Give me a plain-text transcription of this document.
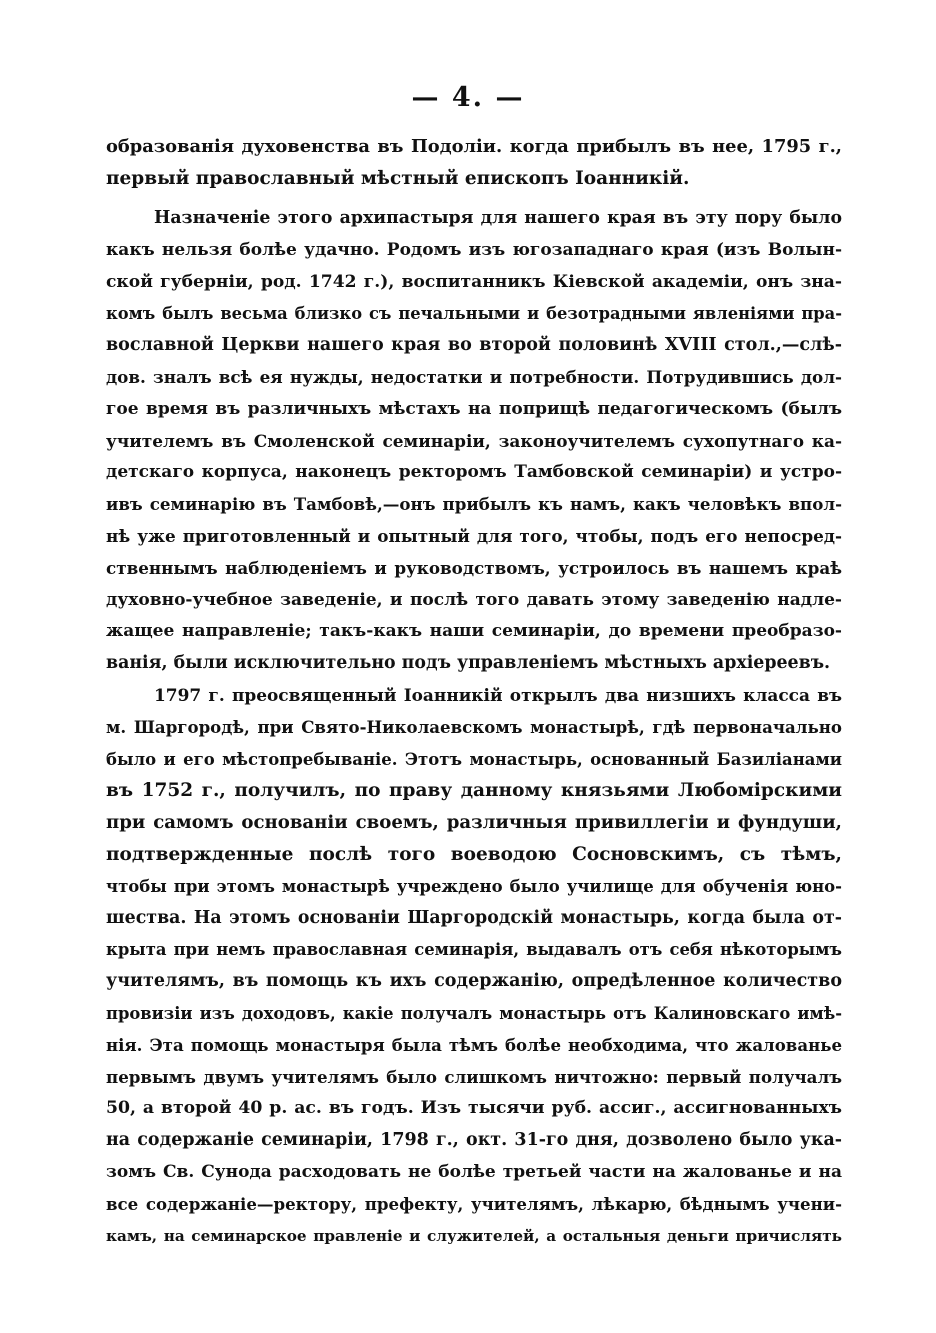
— 4. —
образованія духовенства въ Подоліи. когда прибылъ въ нее, 1795 г.,
первый православный мѣстный епископъ Іоанникій.
Назначеніе этого архипастыря для нашего края въ эту пору было
какъ нельзя болѣе удачно. Родомъ изъ югозападнаго края (изъ Волын-
ской губерніи, род. 1742 г.), воспитанникъ Кіевской академіи, онъ зна-
комъ былъ весьма близко съ печальными и безотрадными явленіями пра-
вославной Церкви нашего края во второй половинѣ XVIII стол.,—слѣ-
дов. зналъ всѣ ея нужды, недостатки и потребности. Потрудившись дол-
гое время въ различныхъ мѣстахъ на поприщѣ педагогическомъ (былъ
учителемъ въ Смоленской семинаріи, законоучителемъ сухопутнаго ка-
детскаго корпуса, наконецъ ректоромъ Тамбовской семинаріи) и устро-
ивъ семинарію въ Тамбовѣ,—онъ прибылъ къ намъ, какъ человѣкъ впол-
нѣ уже приготовленный и опытный для того, чтобы, подъ его непосред-
ственнымъ наблюденіемъ и руководствомъ, устроилось въ нашемъ краѣ
духовно-учебное заведеніе, и послѣ того давать этому заведенію надле-
жащее направленіе; такъ-какъ наши семинаріи, до времени преобразо-
ванія, были исключительно подъ управленіемъ мѣстныхъ архіереевъ.
1797 г. преосвященный Іоанникій открылъ два низшихъ класса въ
м. Шаргородѣ, при Свято-Николаевскомъ монастырѣ, гдѣ первоначально
было и его мѣстопребываніе. Этотъ монастырь, основанный Базиліанами
въ 1752 г., получилъ, по праву данному князьями Любомірскими
при самомъ основаніи своемъ, различныя привиллегіи и фундуши,
подтвержденные послѣ того воеводою Сосновскимъ, съ тѣмъ,
чтобы при этомъ монастырѣ учреждено было училище для обученія юно-
шества. На этомъ основаніи Шаргородскій монастырь, когда была от-
крыта при немъ православная семинарія, выдавалъ отъ себя нѣкоторымъ
учителямъ, въ помощь къ ихъ содержанію, опредѣленное количество
провизіи изъ доходовъ, какіе получалъ монастырь отъ Калиновскаго имѣ-
нія. Эта помощь монастыря была тѣмъ болѣе необходима, что жалованье
первымъ двумъ учителямъ было слишкомъ ничтожно: первый получалъ
50, а второй 40 р. ас. въ годъ. Изъ тысячи руб. ассиг., ассигнованныхъ
на содержаніе семинаріи, 1798 г., окт. 31-го дня, дозволено было ука-
зомъ Св. Сунода расходовать не болѣе третьей части на жалованье и на
все содержаніе—ректору, префекту, учителямъ, лѣкарю, бѣднымъ учени-
камъ, на семинарское правленіе и служителей, а остальныя деньги причислять
